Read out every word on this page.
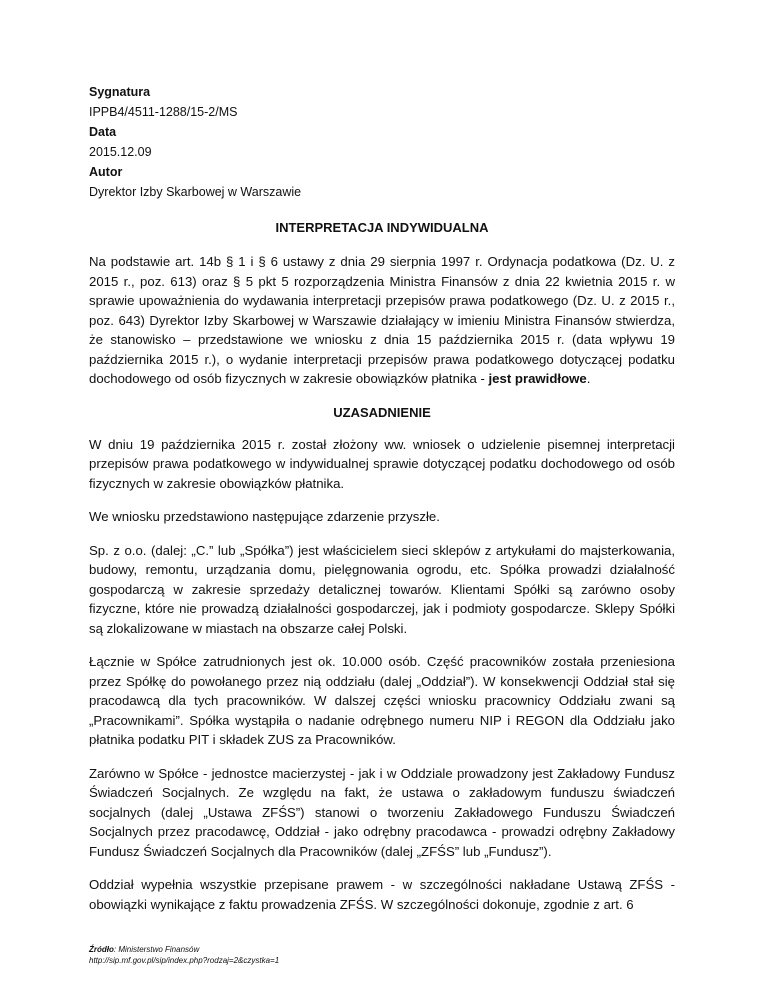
Sygnatura
IPPB4/4511-1288/15-2/MS
Data
2015.12.09
Autor
Dyrektor Izby Skarbowej w Warszawie
INTERPRETACJA INDYWIDUALNA

Na podstawie art. 14b § 1 i § 6 ustawy z dnia 29 sierpnia 1997 r. Ordynacja podatkowa (Dz. U. z 2015 r., poz. 613) oraz § 5 pkt 5 rozporządzenia Ministra Finansów z dnia 22 kwietnia 2015 r. w sprawie upoważnienia do wydawania interpretacji przepisów prawa podatkowego (Dz. U. z 2015 r., poz. 643) Dyrektor Izby Skarbowej w Warszawie działający w imieniu Ministra Finansów stwierdza, że stanowisko – przedstawione we wniosku z dnia 15 października 2015 r. (data wpływu 19 października 2015 r.), o wydanie interpretacji przepisów prawa podatkowego dotyczącej podatku dochodowego od osób fizycznych w zakresie obowiązków płatnika - jest prawidłowe.

UZASADNIENIE

W dniu 19 października 2015 r. został złożony ww. wniosek o udzielenie pisemnej interpretacji przepisów prawa podatkowego w indywidualnej sprawie dotyczącej podatku dochodowego od osób fizycznych w zakresie obowiązków płatnika.

We wniosku przedstawiono następujące zdarzenie przyszłe.

Sp. z o.o. (dalej: „C.” lub „Spółka”) jest właścicielem sieci sklepów z artykułami do majsterkowania, budowy, remontu, urządzania domu, pielęgnowania ogrodu, etc. Spółka prowadzi działalność gospodarczą w zakresie sprzedaży detalicznej towarów. Klientami Spółki są zarówno osoby fizyczne, które nie prowadzą działalności gospodarczej, jak i podmioty gospodarcze. Sklepy Spółki są zlokalizowane w miastach na obszarze całej Polski.

Łącznie w Spółce zatrudnionych jest ok. 10.000 osób. Część pracowników została przeniesiona przez Spółkę do powołanego przez nią oddziału (dalej „Oddział”). W konsekwencji Oddział stał się pracodawcą dla tych pracowników. W dalszej części wniosku pracownicy Oddziału zwani są „Pracownikami”. Spółka wystąpiła o nadanie odrębnego numeru NIP i REGON dla Oddziału jako płatnika podatku PIT i składek ZUS za Pracowników.

Zarówno w Spółce - jednostce macierzystej - jak i w Oddziale prowadzony jest Zakładowy Fundusz Świadczeń Socjalnych. Ze względu na fakt, że ustawa o zakładowym funduszu świadczeń socjalnych (dalej „Ustawa ZFŚS”) stanowi o tworzeniu Zakładowego Funduszu Świadczeń Socjalnych przez pracodawcę, Oddział - jako odrębny pracodawca - prowadzi odrębny Zakładowy Fundusz Świadczeń Socjalnych dla Pracowników (dalej „ZFŚS” lub „Fundusz”).

Oddział wypełnia wszystkie przepisane prawem - w szczególności nakładane Ustawą ZFŚS - obowiązki wynikające z faktu prowadzenia ZFŚS. W szczególności dokonuje, zgodnie z art. 6

Źródło: Ministerstwo Finansów
http://sip.mf.gov.pl/sip/index.php?rodzaj=2&czystka=1
